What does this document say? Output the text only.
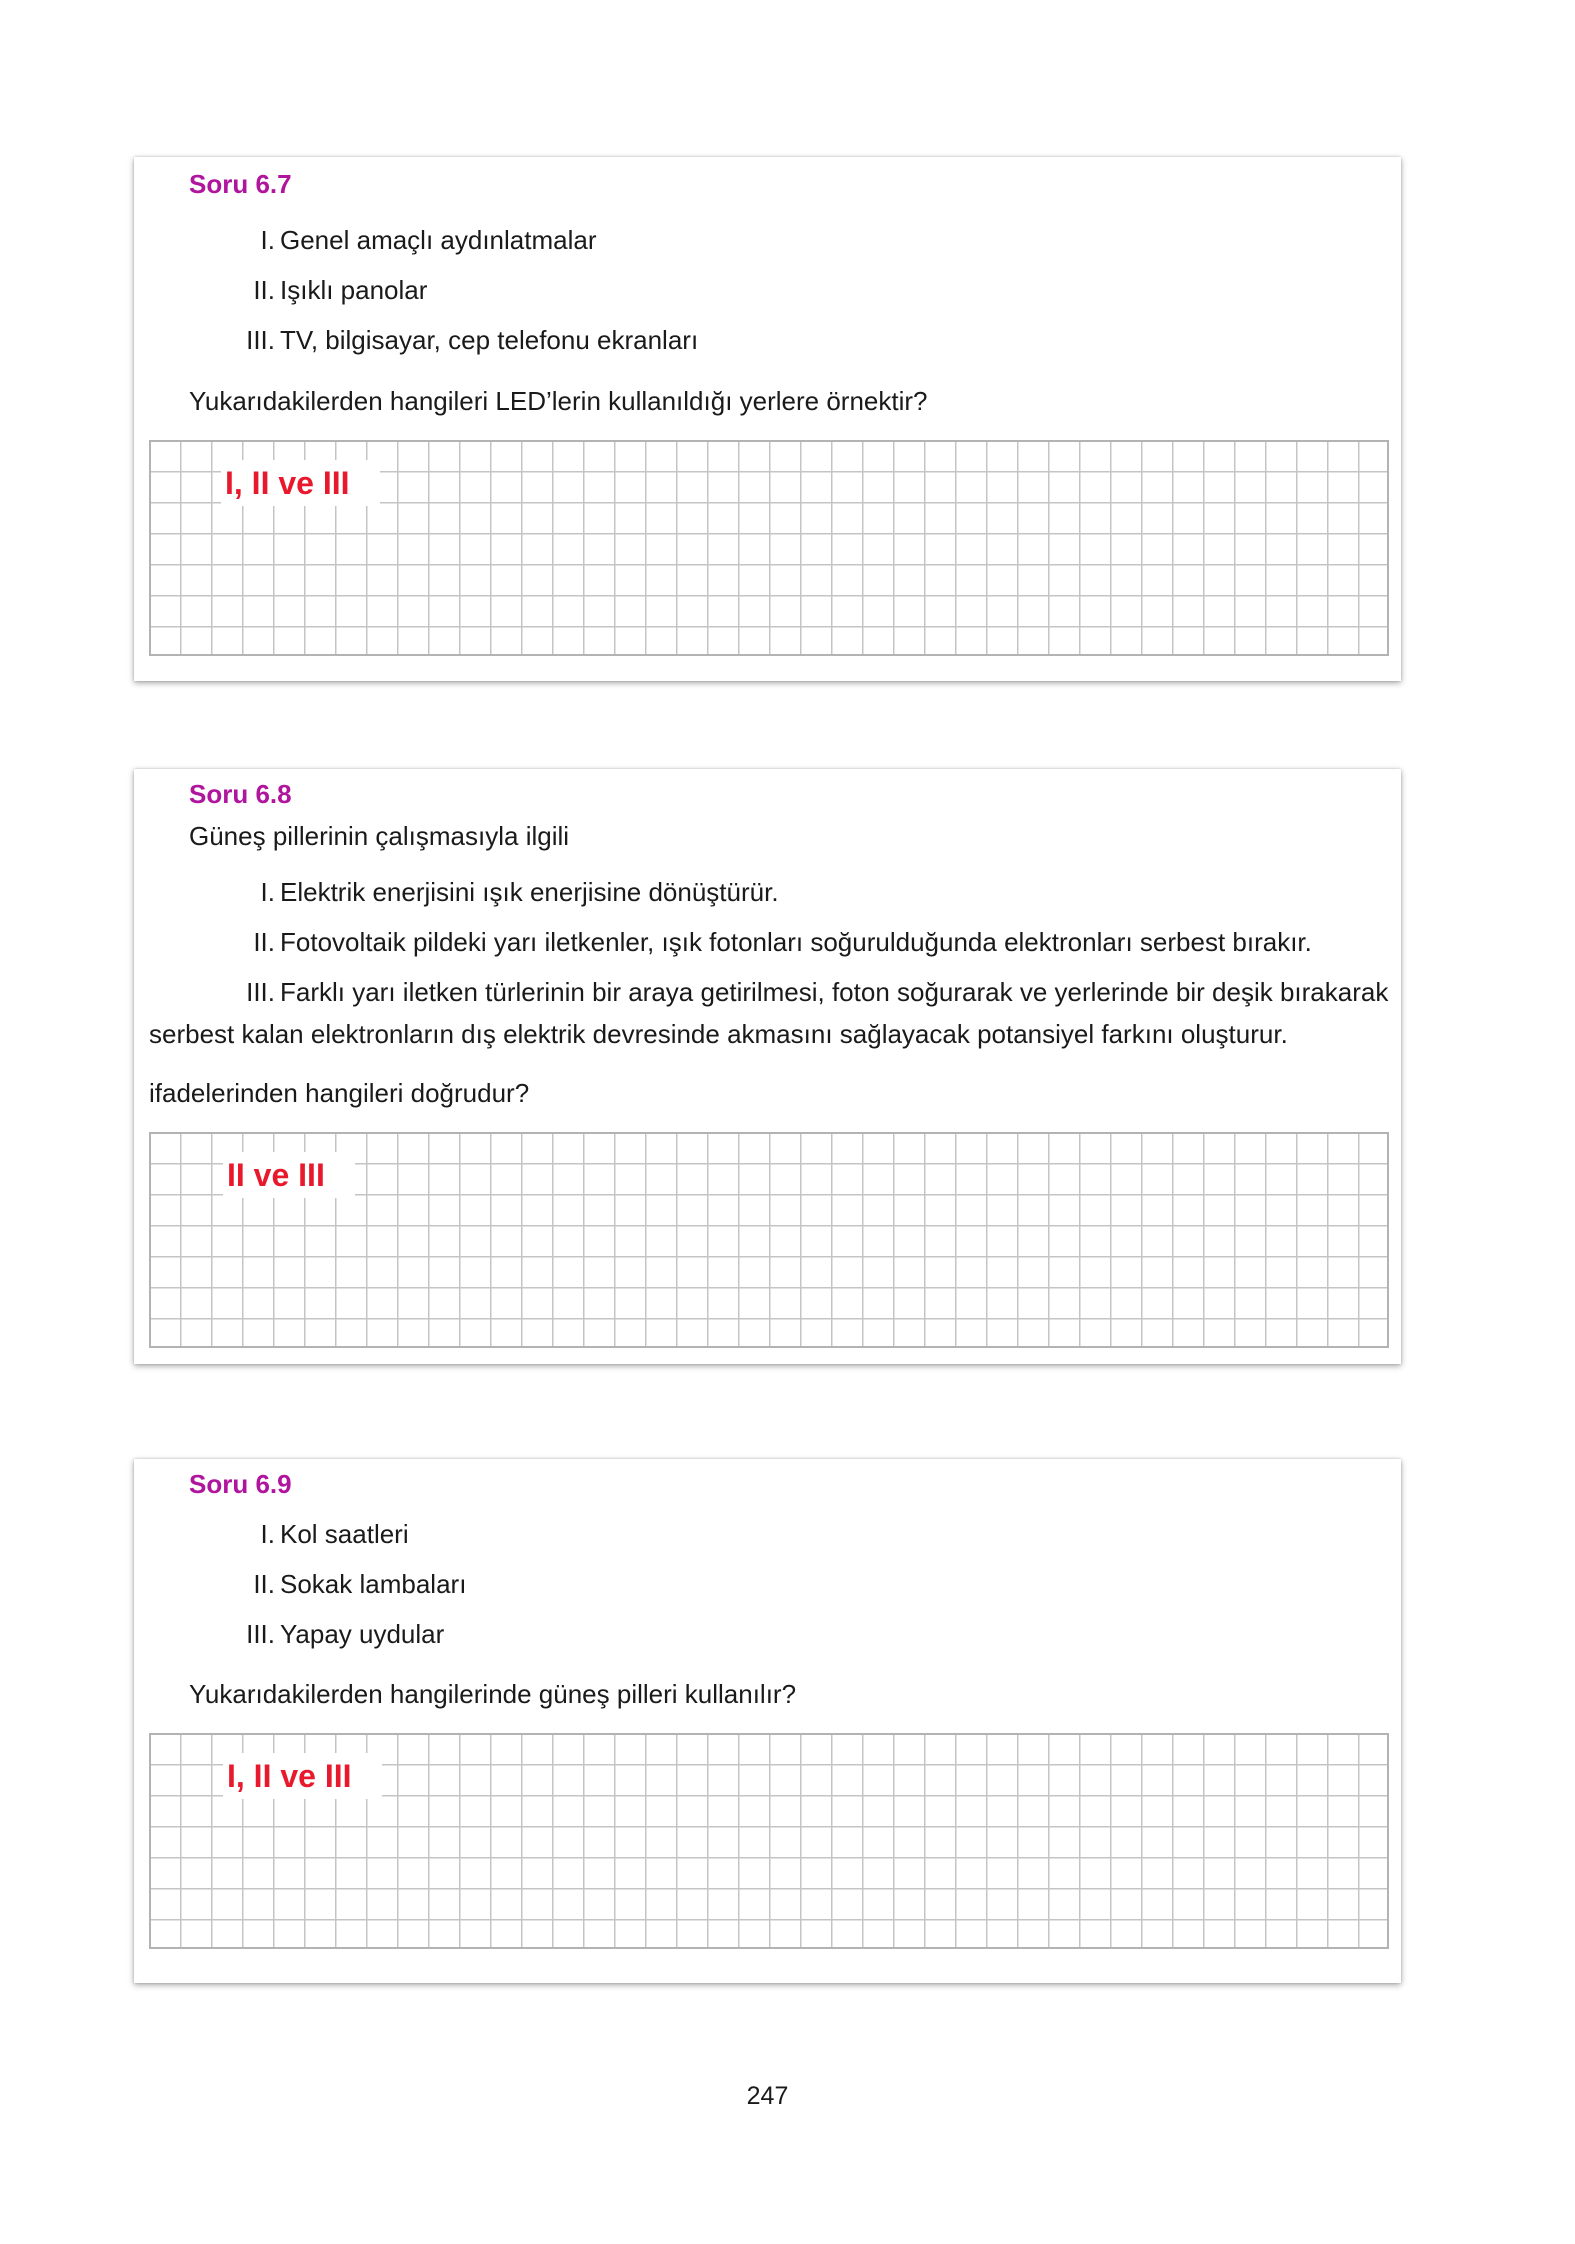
Soru 6.7

I. Genel amaçlı aydınlatmalar

II. Işıklı panolar

III. TV, bilgisayar, cep telefonu ekranları

Yukarıdakilerden hangileri LED’lerin kullanıldığı yerlere örnektir?

I, II ve III

Soru 6.8

Güneş pillerinin çalışmasıyla ilgili

I. Elektrik enerjisini ışık enerjisine dönüştürür.

II. Fotovoltaik pildeki yarı iletkenler, ışık fotonları soğurulduğunda elektronları serbest bırakır.

III. Farklı yarı iletken türlerinin bir araya getirilmesi, foton soğurarak ve yerlerinde bir deşik bırakarak

serbest kalan elektronların dış elektrik devresinde akmasını sağlayacak potansiyel farkını oluşturur.

ifadelerinden hangileri doğrudur?

II ve III

Soru 6.9

I. Kol saatleri

II. Sokak lambaları

III. Yapay uydular

Yukarıdakilerden hangilerinde güneş pilleri kullanılır?

I, II ve III

247
